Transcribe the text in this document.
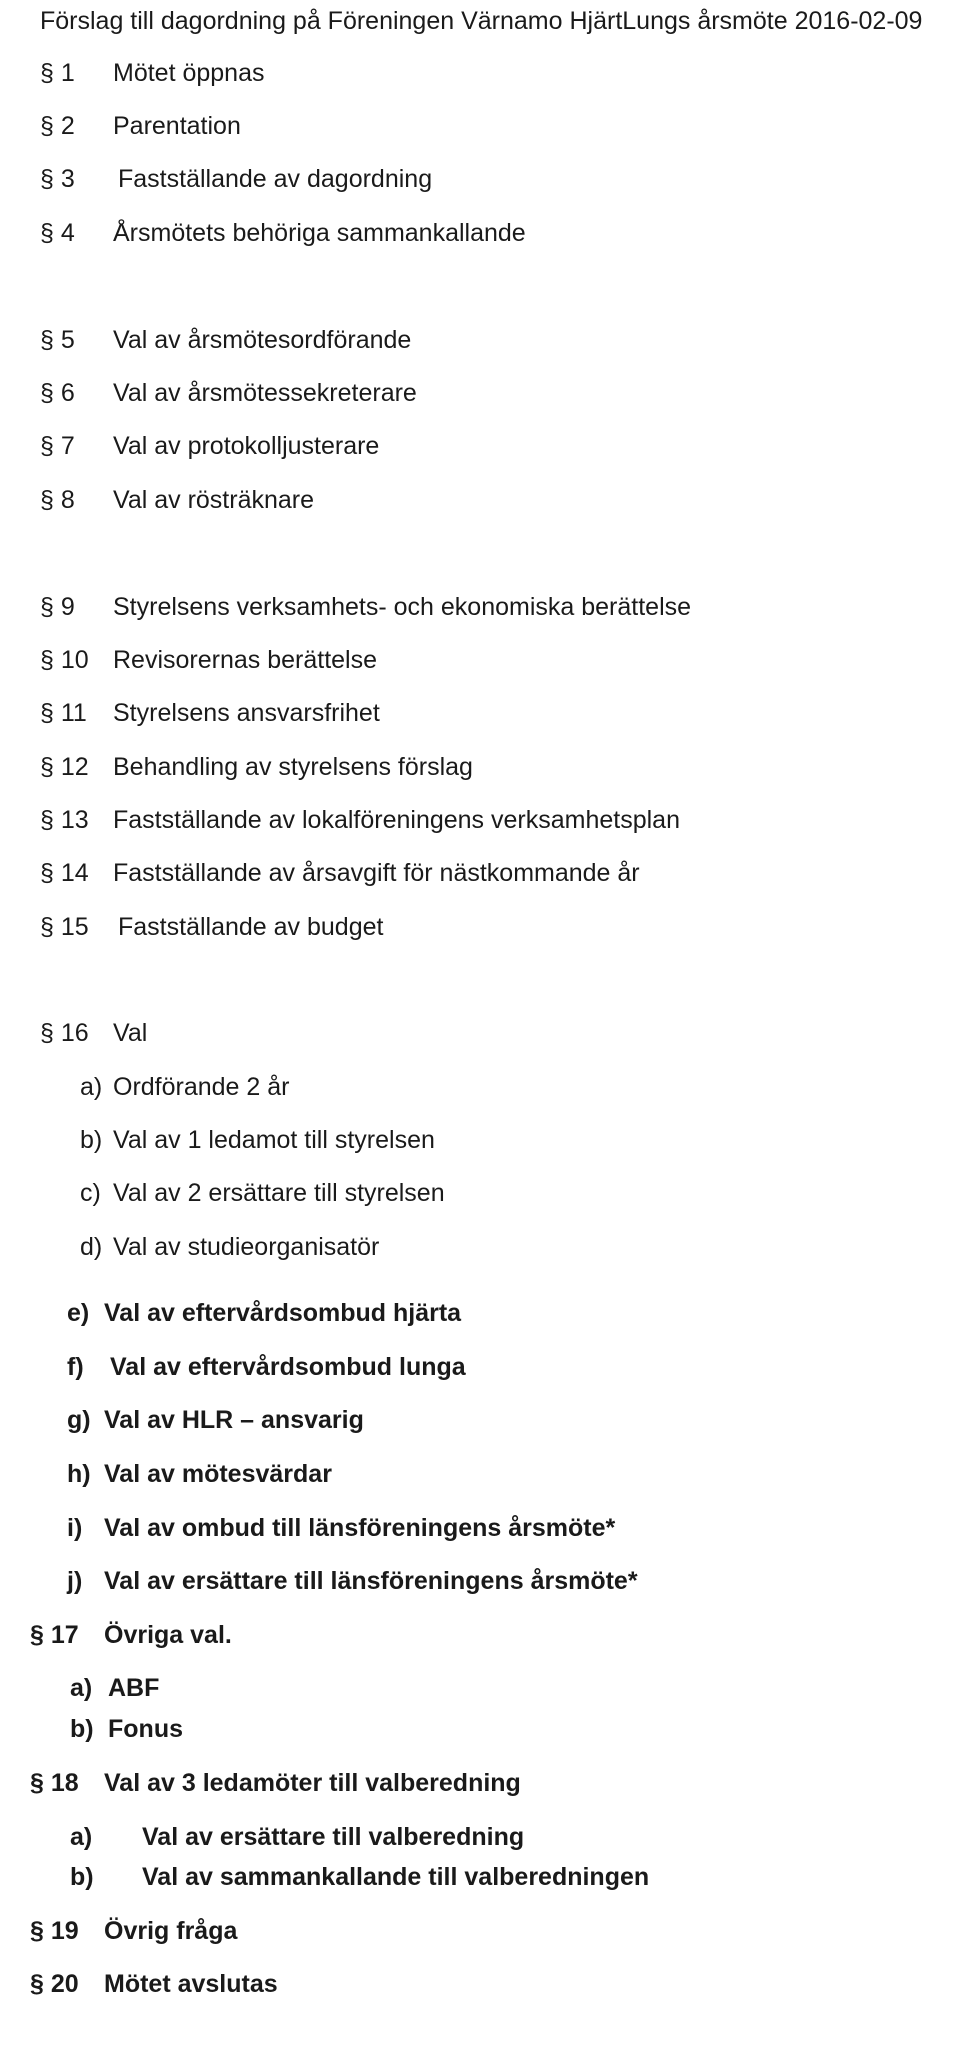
Förslag till dagordning på Föreningen Värnamo HjärtLungs årsmöte 2016-02-09
§ 1 Mötet öppnas
§ 2 Parentation
§ 3 Fastställande av dagordning
§ 4 Årsmötets behöriga sammankallande
§ 5 Val av årsmötesordförande
§ 6 Val av årsmötessekreterare
§ 7 Val av protokolljusterare
§ 8 Val av rösträknare
§ 9 Styrelsens verksamhets- och ekonomiska berättelse
§ 10 Revisorernas berättelse
§ 11 Styrelsens ansvarsfrihet
§ 12 Behandling av styrelsens förslag
§ 13 Fastställande av lokalföreningens verksamhetsplan
§ 14 Fastställande av årsavgift för nästkommande år
§ 15 Fastställande av budget
§ 16 Val
a) Ordförande 2 år
b) Val av 1 ledamot till styrelsen
c) Val av 2 ersättare till styrelsen
d) Val av studieorganisatör
e) Val av eftervårdsombud hjärta
f) Val av eftervårdsombud lunga
g) Val av HLR – ansvarig
h) Val av mötesvärdar
i) Val av ombud till länsföreningens årsmöte*
j) Val av ersättare till länsföreningens årsmöte*
§ 17 Övriga val.
a) ABF
b) Fonus
§ 18 Val av 3 ledamöter till valberedning
a) Val av ersättare till valberedning
b) Val av sammankallande till valberedningen
§ 19 Övrig fråga
§ 20 Mötet avslutas
